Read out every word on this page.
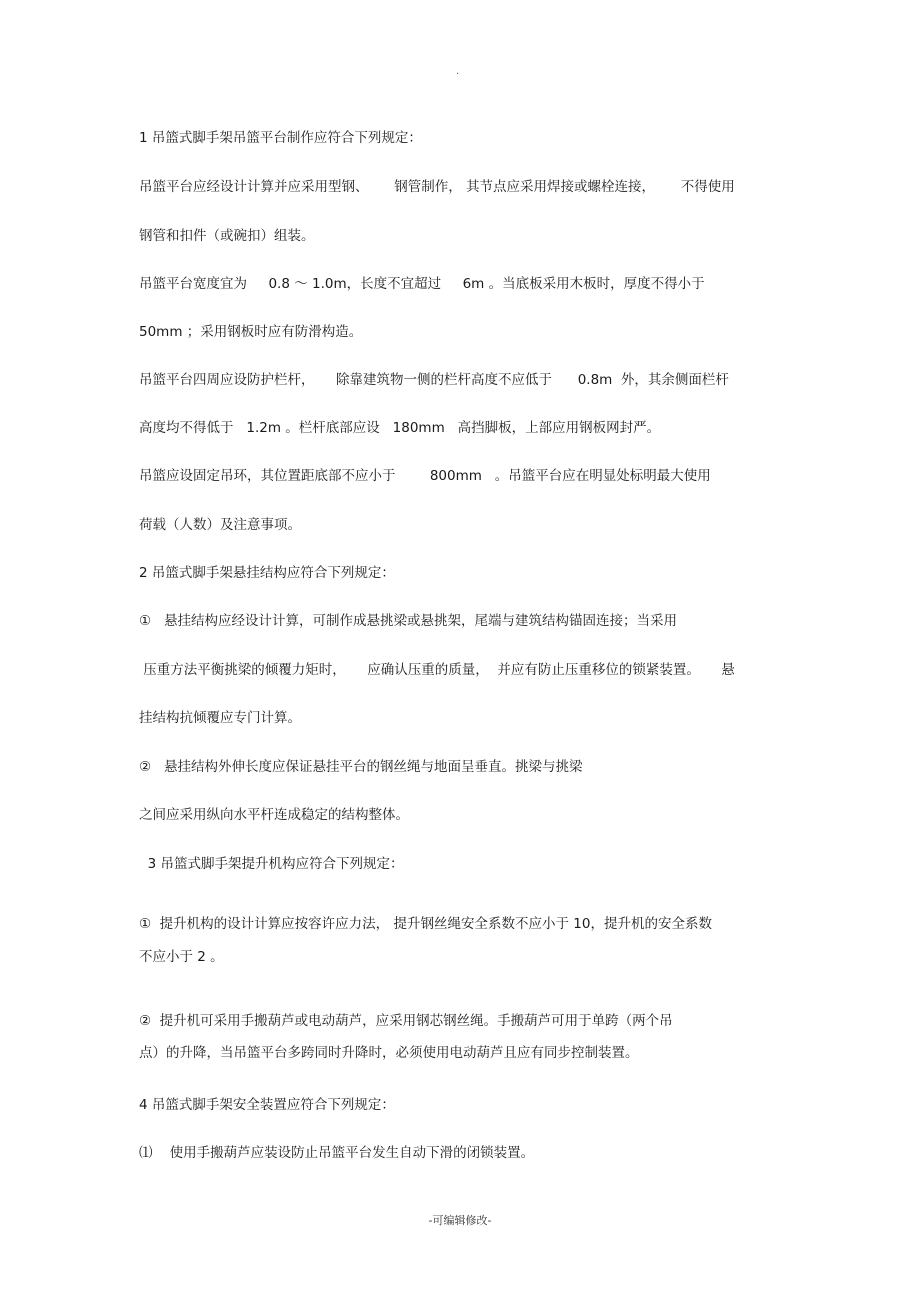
.
1 吊篮式脚手架吊篮平台制作应符合下列规定：
吊篮平台应经设计计算并应采用型钢、      钢管制作， 其节点应采用焊接或螺栓连接，      不得使用
钢管和扣件（或碗扣）组装。
吊篮平台宽度宜为     0.8 ～ 1.0m，长度不宜超过     6m 。当底板采用木板时，厚度不得小于
50mm ；采用钢板时应有防滑构造。
吊篮平台四周应设防护栏杆，     除靠建筑物一侧的栏杆高度不应低于      0.8m  外，其余侧面栏杆
高度均不得低于   1.2m 。栏杆底部应设   180mm   高挡脚板，上部应用钢板网封严。
吊篮应设固定吊环，其位置距底部不应小于        800mm   。吊篮平台应在明显处标明最大使用
荷载（人数）及注意事项。
2 吊篮式脚手架悬挂结构应符合下列规定：
①   悬挂结构应经设计计算，可制作成悬挑梁或悬挑架，尾端与建筑结构锚固连接；当采用
压重方法平衡挑梁的倾覆力矩时，     应确认压重的质量，  并应有防止压重移位的锁紧装置。     悬
挂结构抗倾覆应专门计算。
②   悬挂结构外伸长度应保证悬挂平台的钢丝绳与地面呈垂直。挑梁与挑梁
之间应采用纵向水平杆连成稳定的结构整体。
3 吊篮式脚手架提升机构应符合下列规定：
①  提升机构的设计计算应按容许应力法， 提升钢丝绳安全系数不应小于 10，提升机的安全系数
不应小于 2 。
②  提升机可采用手搬葫芦或电动葫芦，应采用钢芯钢丝绳。手搬葫芦可用于单跨（两个吊
点）的升降，当吊篮平台多跨同时升降时，必须使用电动葫芦且应有同步控制装置。
4 吊篮式脚手架安全装置应符合下列规定：
⑴    使用手搬葫芦应装设防止吊篮平台发生自动下滑的闭锁装置。
-可编辑修改-
